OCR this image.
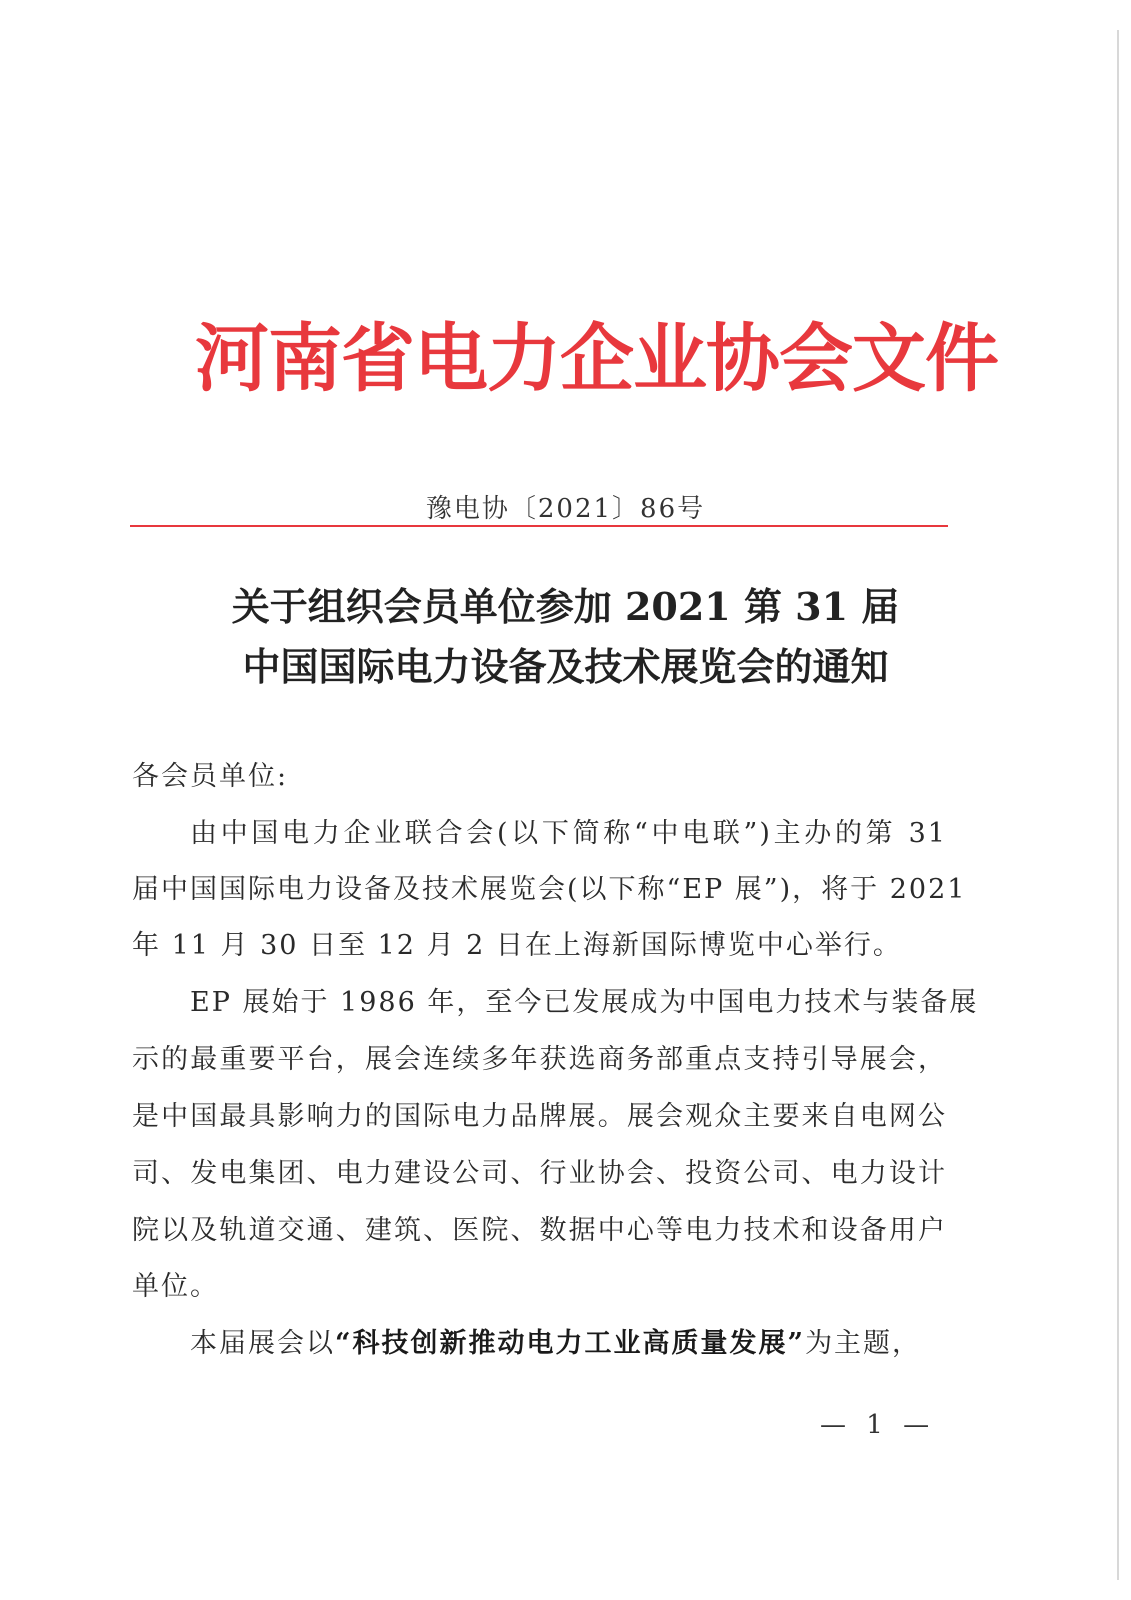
河南省电力企业协会文件
豫电协〔2021〕86号
关于组织会员单位参加 2021 第 31 届
中国国际电力设备及技术展览会的通知
各会员单位:
由中国电力企业联合会(以下简称“中电联”)主办的第 31
届中国国际电力设备及技术展览会(以下称“EP 展”)，将于 2021
年 11 月 30 日至 12 月 2 日在上海新国际博览中心举行。
EP 展始于 1986 年，至今已发展成为中国电力技术与装备展
示的最重要平台，展会连续多年获选商务部重点支持引导展会，
是中国最具影响力的国际电力品牌展。展会观众主要来自电网公
司、发电集团、电力建设公司、行业协会、投资公司、电力设计
院以及轨道交通、建筑、医院、数据中心等电力技术和设备用户
单位。
本届展会以“科技创新推动电力工业高质量发展”为主题，
— 1 —
